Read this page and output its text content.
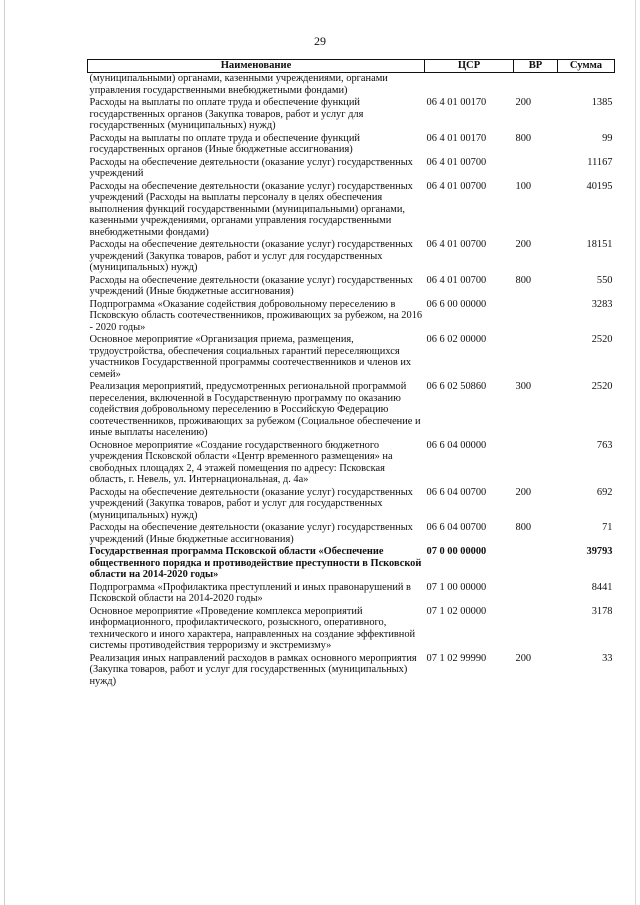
29
Наименование	ЦСР	ВР	Сумма
(муниципальными) органами, казенными учреждениями, органами управления государственными внебюджетными фондами)			
Расходы на выплаты по оплате труда и обеспечение функций государственных органов (Закупка товаров, работ и услуг для государственных (муниципальных) нужд)	06 4 01 00170	200	1385
Расходы на выплаты по оплате труда и обеспечение функций государственных органов (Иные бюджетные ассигнования)	06 4 01 00170	800	99
Расходы на обеспечение деятельности (оказание услуг) государственных учреждений	06 4 01 00700		11167
Расходы на обеспечение деятельности (оказание услуг) государственных учреждений (Расходы на выплаты персоналу в целях обеспечения выполнения функций государственными (муниципальными) органами, казенными учреждениями, органами управления государственными внебюджетными фондами)	06 4 01 00700	100	40195
Расходы на обеспечение деятельности (оказание услуг) государственных учреждений (Закупка товаров, работ и услуг для государственных (муниципальных) нужд)	06 4 01 00700	200	18151
Расходы на обеспечение деятельности (оказание услуг) государственных учреждений (Иные бюджетные ассигнования)	06 4 01 00700	800	550
Подпрограмма «Оказание содействия добровольному переселению в Псковскую область соотечественников, проживающих за рубежом, на 2016 - 2020 годы»	06 6 00 00000		3283
Основное мероприятие «Организация приема, размещения, трудоустройства, обеспечения социальных гарантий переселяющихся участников Государственной программы соотечественников и членов их семей»	06 6 02 00000		2520
Реализация мероприятий, предусмотренных региональной программой переселения, включенной в Государственную программу по оказанию содействия добровольному переселению в Российскую Федерацию соотечественников, проживающих за рубежом (Социальное обеспечение и иные выплаты населению)	06 6 02 50860	300	2520
Основное мероприятие «Создание государственного бюджетного учреждения Псковской области «Центр временного размещения» на свободных площадях 2, 4 этажей помещения по адресу: Псковская область, г. Невель, ул. Интернациональная, д. 4а»	06 6 04 00000		763
Расходы на обеспечение деятельности (оказание услуг) государственных учреждений (Закупка товаров, работ и услуг для государственных (муниципальных) нужд)	06 6 04 00700	200	692
Расходы на обеспечение деятельности (оказание услуг) государственных учреждений (Иные бюджетные ассигнования)	06 6 04 00700	800	71
Государственная программа Псковской области «Обеспечение общественного порядка и противодействие преступности в Псковской области на 2014-2020 годы»	07 0 00 00000		39793
Подпрограмма «Профилактика преступлений и иных правонарушений в Псковской области на 2014-2020 годы»	07 1 00 00000		8441
Основное мероприятие «Проведение комплекса мероприятий информационного, профилактического, розыскного, оперативного, технического и иного характера, направленных на создание эффективной системы противодействия терроризму и экстремизму»	07 1 02 00000		3178
Реализация иных направлений расходов в рамках основного мероприятия (Закупка товаров, работ и услуг для государственных (муниципальных) нужд)	07 1 02 99990	200	33
